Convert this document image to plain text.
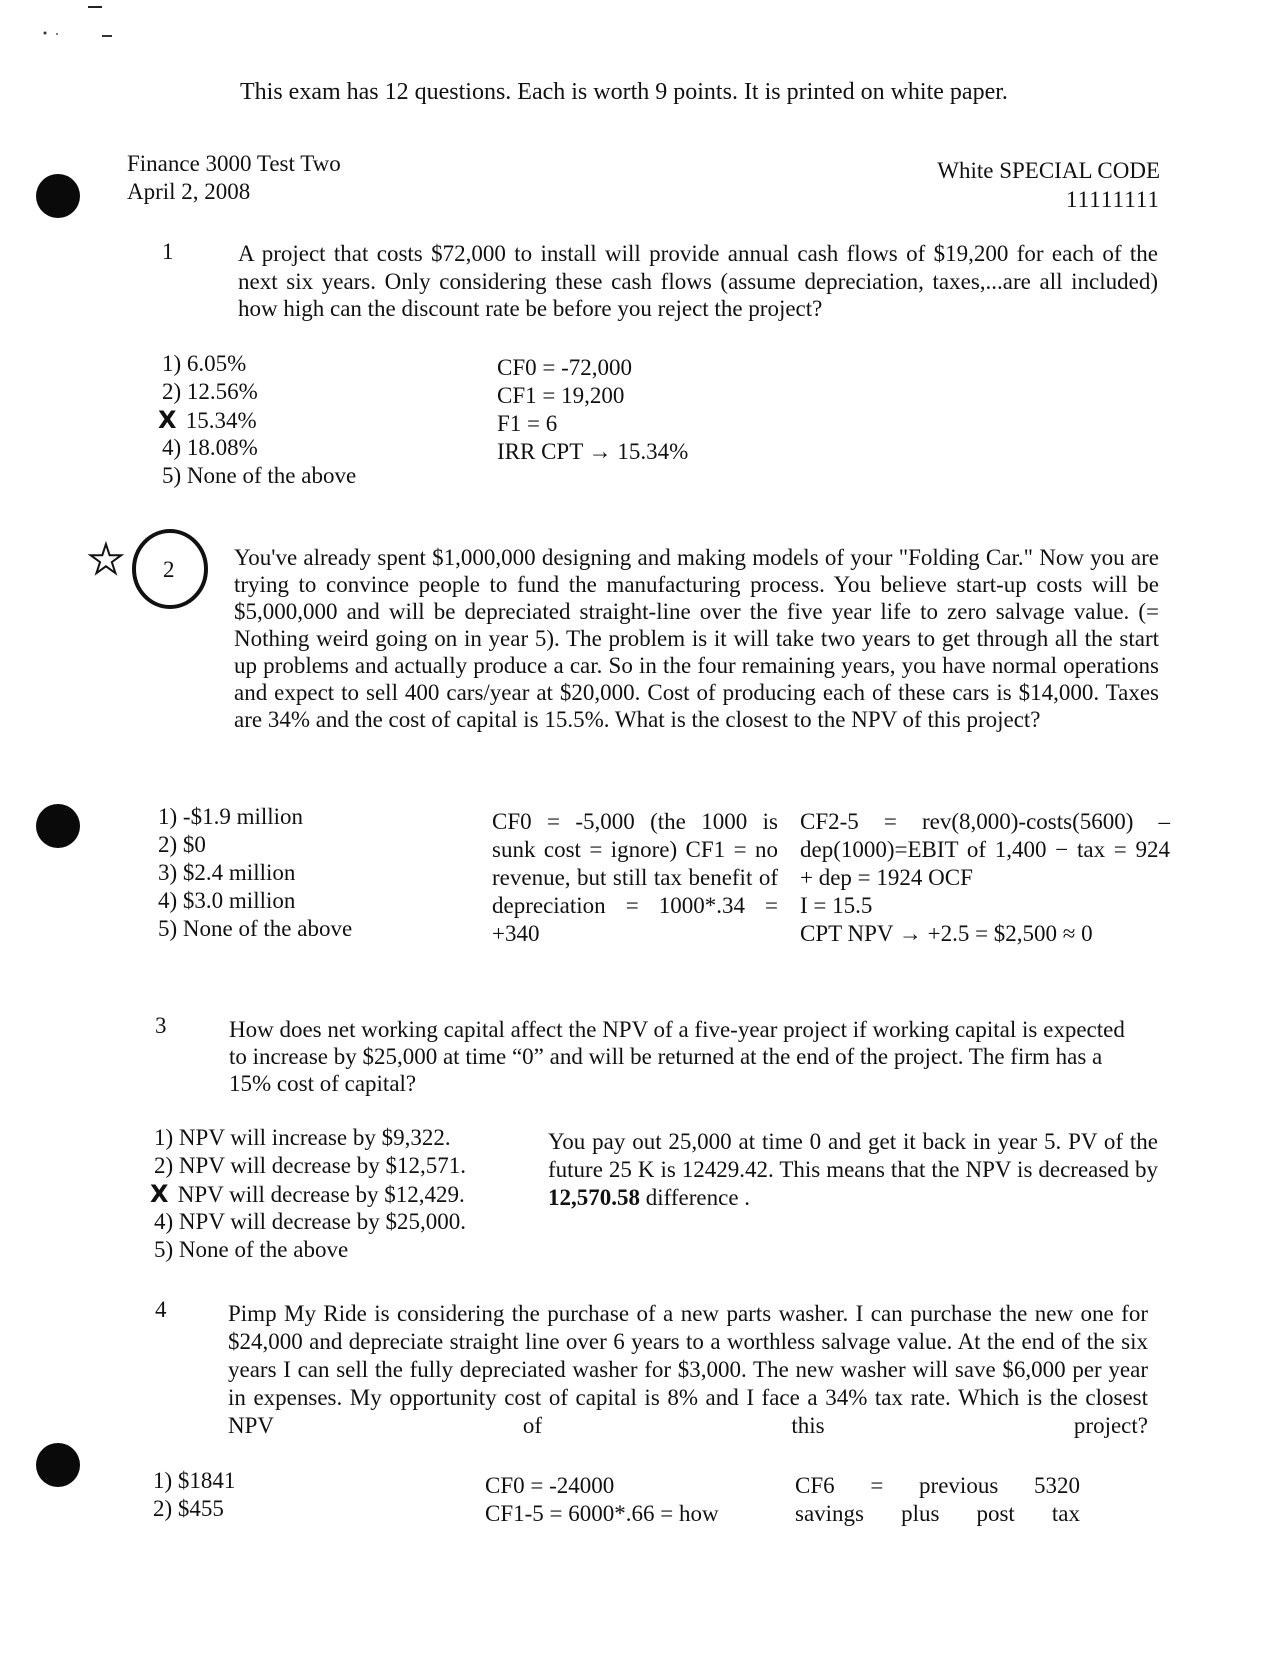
This exam has 12 questions. Each is worth 9 points. It is printed on white paper.
Finance 3000 Test Two
April 2, 2008
White SPECIAL CODE
11111111
1	A project that costs $72,000 to install will provide annual cash flows of $19,200 for each of the next six years. Only considering these cash flows (assume depreciation, taxes,...are all included) how high can the discount rate be before you reject the project?
1) 6.05%
2) 12.56%
X 15.34%
4) 18.08%
5) None of the above
CF0 = -72,000
CF1 = 19,200
F1 = 6
IRR CPT → 15.34%
★ 2	You've already spent $1,000,000 designing and making models of your "Folding Car." Now you are trying to convince people to fund the manufacturing process. You believe start-up costs will be $5,000,000 and will be depreciated straight-line over the five year life to zero salvage value. (= Nothing weird going on in year 5). The problem is it will take two years to get through all the start up problems and actually produce a car. So in the four remaining years, you have normal operations and expect to sell 400 cars/year at $20,000. Cost of producing each of these cars is $14,000. Taxes are 34% and the cost of capital is 15.5%. What is the closest to the NPV of this project?
1) -$1.9 million
2) $0
3) $2.4 million
4) $3.0 million
5) None of the above
CF0 = -5,000 (the 1000 is sunk cost = ignore) CF1 = no revenue, but still tax benefit of depreciation = 1000*.34 = +340
CF2-5 = rev(8,000)-costs(5600) – dep(1000)=EBIT of 1,400 − tax = 924 + dep = 1924 OCF
I = 15.5
CPT NPV → +2.5 = $2,500 ≈ 0
3	How does net working capital affect the NPV of a five-year project if working capital is expected to increase by $25,000 at time “0” and will be returned at the end of the project. The firm has a 15% cost of capital?
1) NPV will increase by $9,322.
2) NPV will decrease by $12,571.
X NPV will decrease by $12,429.
4) NPV will decrease by $25,000.
5) None of the above
You pay out 25,000 at time 0 and get it back in year 5. PV of the future 25 K is 12429.42. This means that the NPV is decreased by 12,570.58 difference .
4	Pimp My Ride is considering the purchase of a new parts washer. I can purchase the new one for $24,000 and depreciate straight line over 6 years to a worthless salvage value. At the end of the six years I can sell the fully depreciated washer for $3,000. The new washer will save $6,000 per year in expenses. My opportunity cost of capital is 8% and I face a 34% tax rate. Which is the closest NPV of this project?
1) $1841
2) $455
CF0 = -24000
CF1-5 = 6000*.66 = how
CF6 = previous 5320
savings plus post tax
